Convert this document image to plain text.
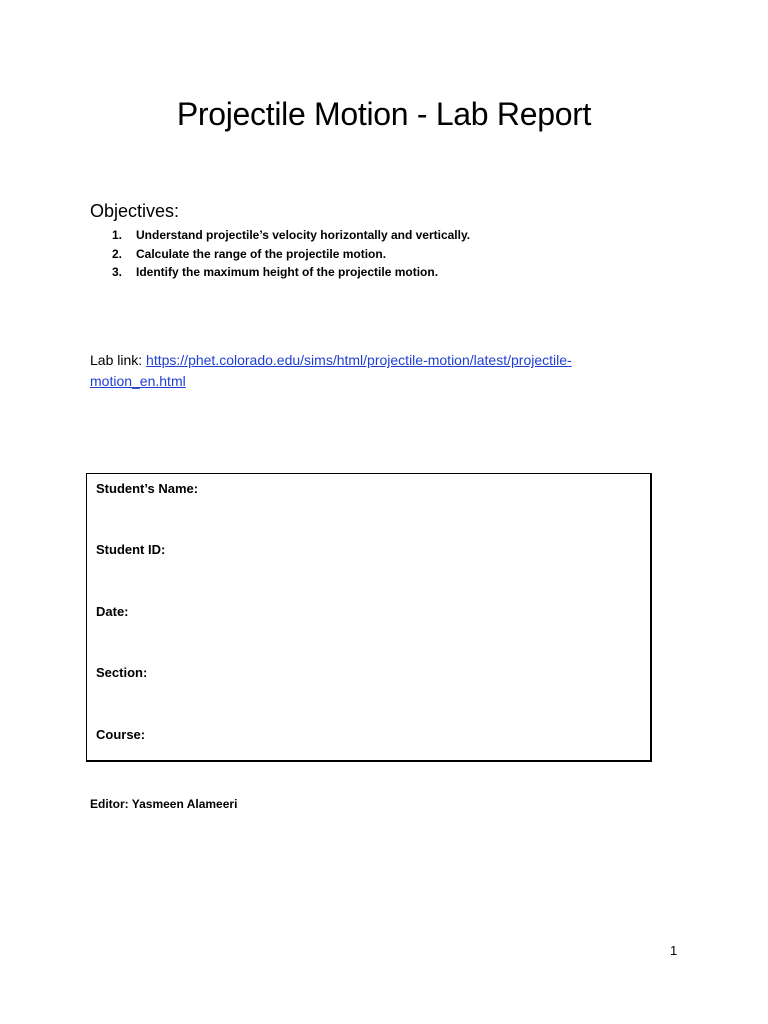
Projectile Motion - Lab Report
Objectives:
1. Understand projectile’s velocity horizontally and vertically.
2. Calculate the range of the projectile motion.
3. Identify the maximum height of the projectile motion.
Lab link: https://phet.colorado.edu/sims/html/projectile-motion/latest/projectile-
motion_en.html
Student’s Name:
Student ID:
Date:
Section:
Course:
Editor: Yasmeen Alameeri
1
